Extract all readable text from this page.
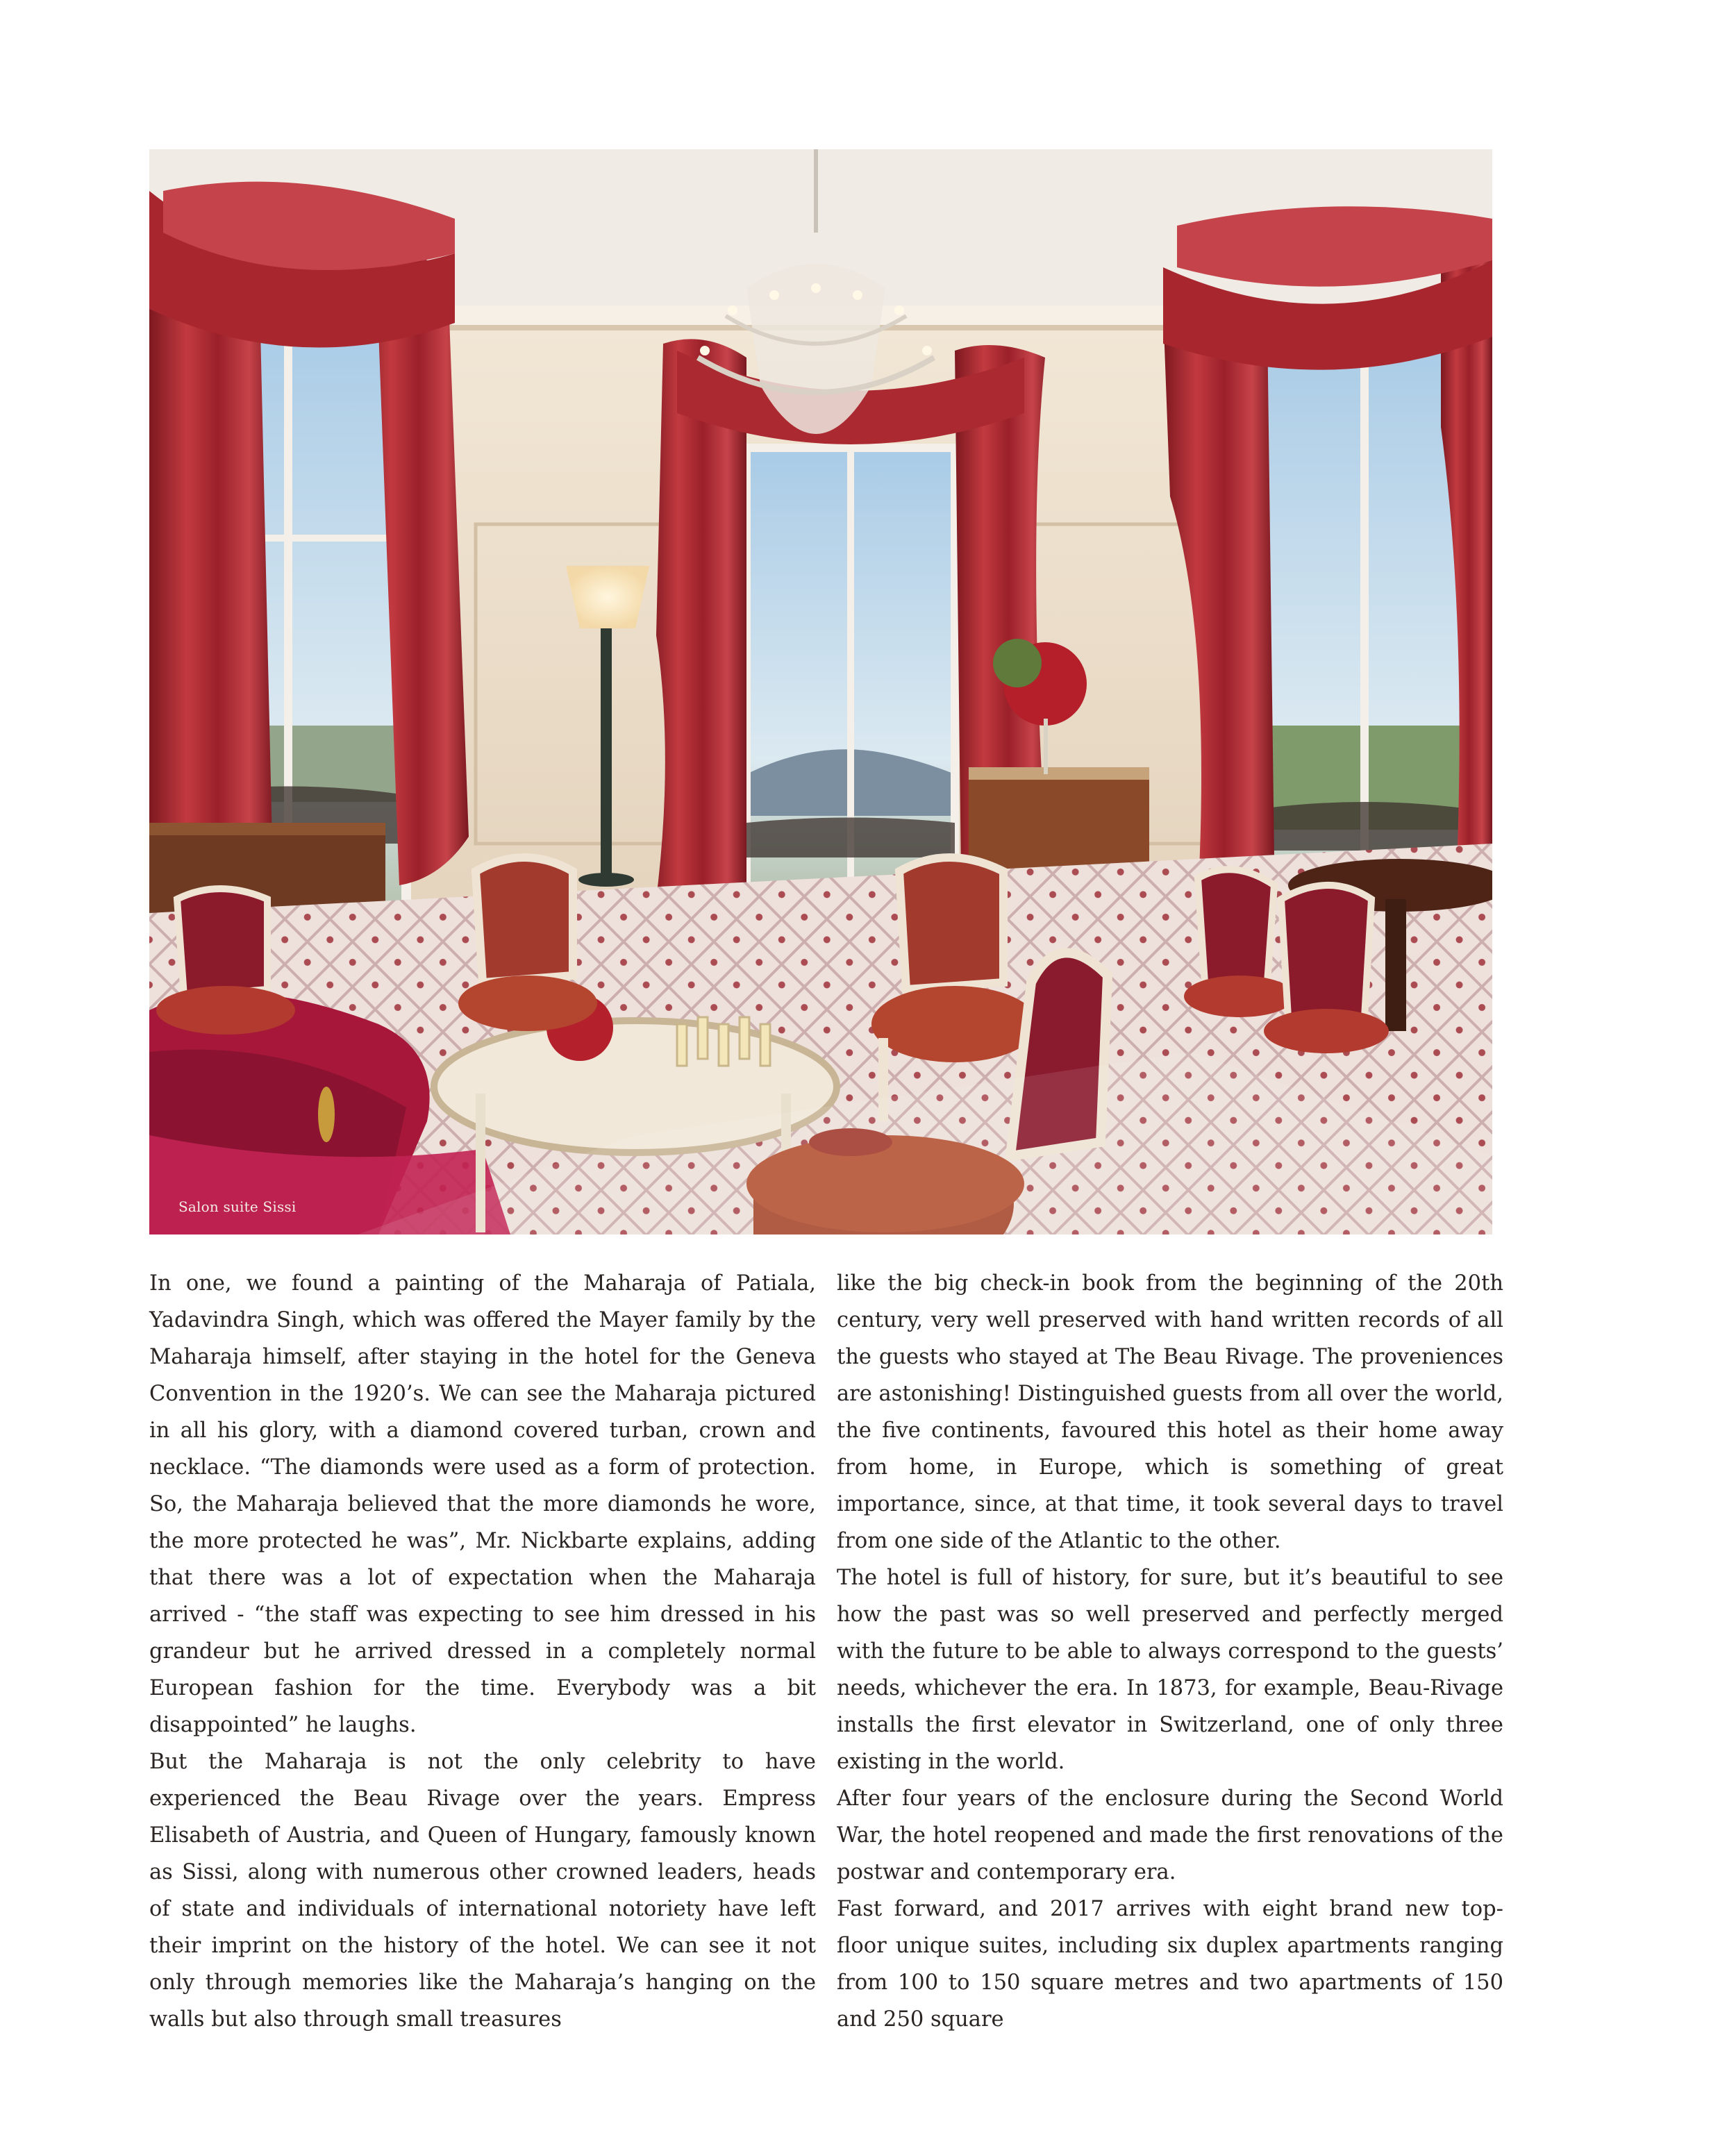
Salon suite Sissi

In one, we found a painting of the Maharaja of Patiala, Yadavindra Singh, which was offered the Mayer family by the Maharaja himself, after staying in the hotel for the Geneva Convention in the 1920’s. We can see the Maharaja pictured in all his glory, with a diamond covered turban, crown and necklace. “The diamonds were used as a form of protection. So, the Maharaja believed that the more diamonds he wore, the more protected he was”, Mr. Nickbarte explains, adding that there was a lot of expectation when the Maharaja arrived - “the staff was expecting to see him dressed in his grandeur but he arrived dressed in a completely normal European fashion for the time. Everybody was a bit disappointed” he laughs.

But the Maharaja is not the only celebrity to have experienced the Beau Rivage over the years. Empress Elisabeth of Austria, and Queen of Hungary, famously known as Sissi, along with numerous other crowned leaders, heads of state and individuals of international notoriety have left their imprint on the history of the hotel. We can see it not only through memories like the Maharaja’s hanging on the walls but also through small treasures

like the big check-in book from the beginning of the 20th century, very well preserved with hand written records of all the guests who stayed at The Beau Rivage. The proveniences are astonishing! Distinguished guests from all over the world, the five continents, favoured this hotel as their home away from home, in Europe, which is something of great importance, since, at that time, it took several days to travel from one side of the Atlantic to the other.

The hotel is full of history, for sure, but it’s beautiful to see how the past was so well preserved and perfectly merged with the future to be able to always correspond to the guests’ needs, whichever the era. In 1873, for example, Beau-Rivage installs the first elevator in Switzerland, one of only three existing in the world.

After four years of the enclosure during the Second World War, the hotel reopened and made the first renovations of the postwar and contemporary era.

Fast forward, and 2017 arrives with eight brand new top-floor unique suites, including six duplex apartments ranging from 100 to 150 square metres and two apartments of 150 and 250 square
